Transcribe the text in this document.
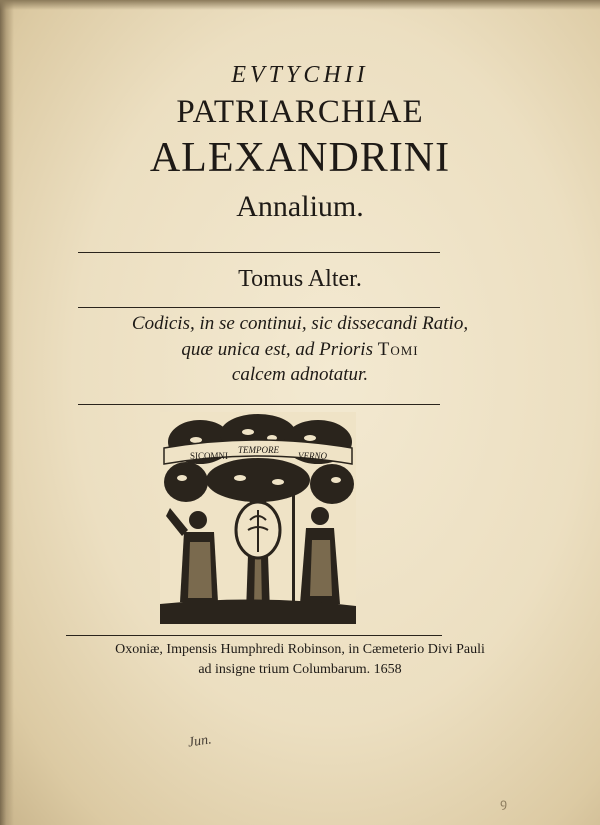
EVTYCHII
PATRIARCHIAE
ALEXANDRINI
Annalium.
Tomus Alter.
Codicis, in se continui, sic dissecandi Ratio,
quæ unica est, ad Prioris Tomi
calcem adnotatur.
SICOMNI
TEMPORE
VERNO
Oxoniæ, Impensis Humphredi Robinson, in Cæmeterio Divi Pauli
ad insigne trium Columbarum. 1658
Jun.
ꝯ
